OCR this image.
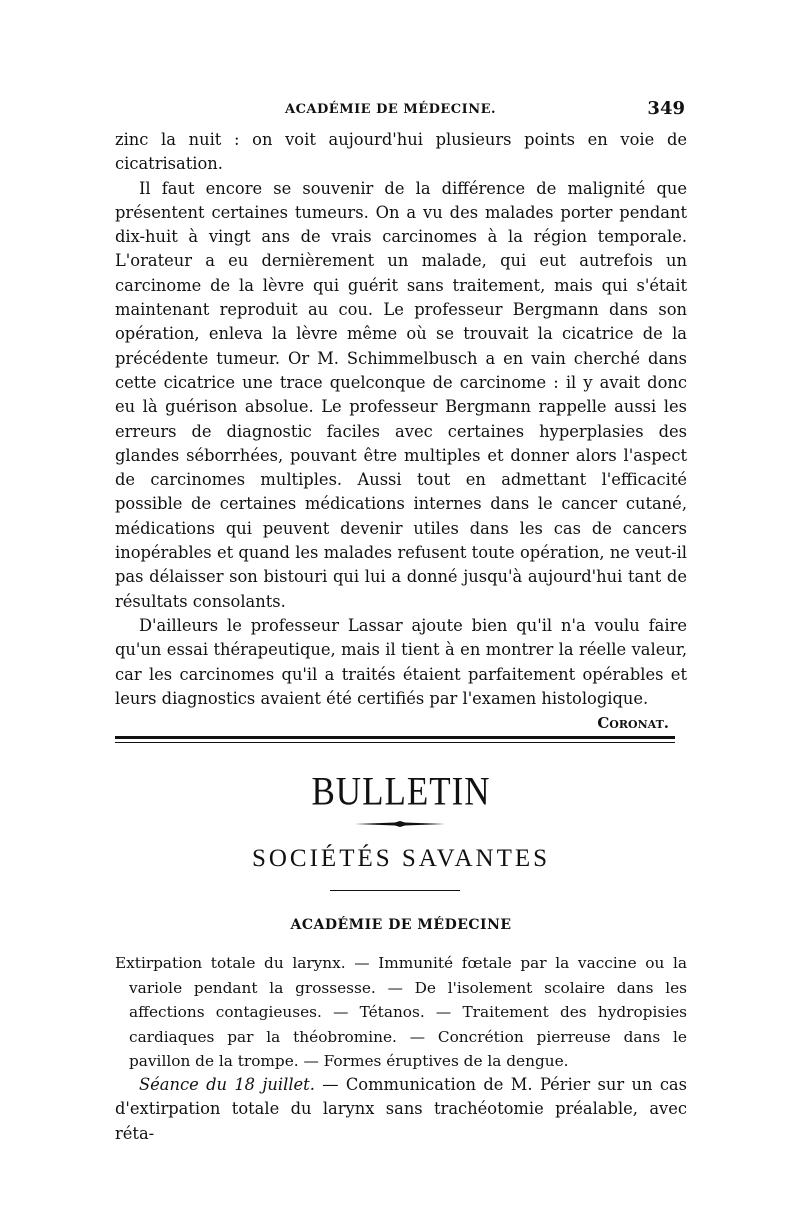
ACADÉMIE DE MÉDECINE.	349

zinc la nuit : on voit aujourd'hui plusieurs points en voie de cicatrisation.

Il faut encore se souvenir de la différence de malignité que présentent certaines tumeurs. On a vu des malades porter pendant dix-huit à vingt ans de vrais carcinomes à la région temporale. L'orateur a eu dernièrement un malade, qui eut autrefois un carcinome de la lèvre qui guérit sans traitement, mais qui s'était maintenant reproduit au cou. Le professeur Bergmann dans son opération, enleva la lèvre même où se trouvait la cicatrice de la précédente tumeur. Or M. Schimmelbusch a en vain cherché dans cette cicatrice une trace quelconque de carcinome : il y avait donc eu là guérison absolue. Le professeur Bergmann rappelle aussi les erreurs de diagnostic faciles avec certaines hyperplasies des glandes séborrhées, pouvant être multiples et donner alors l'aspect de carcinomes multiples. Aussi tout en admettant l'efficacité possible de certaines médications internes dans le cancer cutané, médications qui peuvent devenir utiles dans les cas de cancers inopérables et quand les malades refusent toute opération, ne veut-il pas délaisser son bistouri qui lui a donné jusqu'à aujourd'hui tant de résultats consolants.

D'ailleurs le professeur Lassar ajoute bien qu'il n'a voulu faire qu'un essai thérapeutique, mais il tient à en montrer la réelle valeur, car les carcinomes qu'il a traités étaient parfaitement opérables et leurs diagnostics avaient été certifiés par l'examen histologique.

Coronat.

BULLETIN
SOCIÉTÉS SAVANTES
ACADÉMIE DE MÉDECINE

Extirpation totale du larynx. — Immunité fœtale par la vaccine ou la variole pendant la grossesse. — De l'isolement scolaire dans les affections contagieuses. — Tétanos. — Traitement des hydropisies cardiaques par la théobromine. — Concrétion pierreuse dans le pavillon de la trompe. — Formes éruptives de la dengue.

Séance du 18 juillet. — Communication de M. Périer sur un cas d'extirpation totale du larynx sans trachéotomie préalable, avec réta-
